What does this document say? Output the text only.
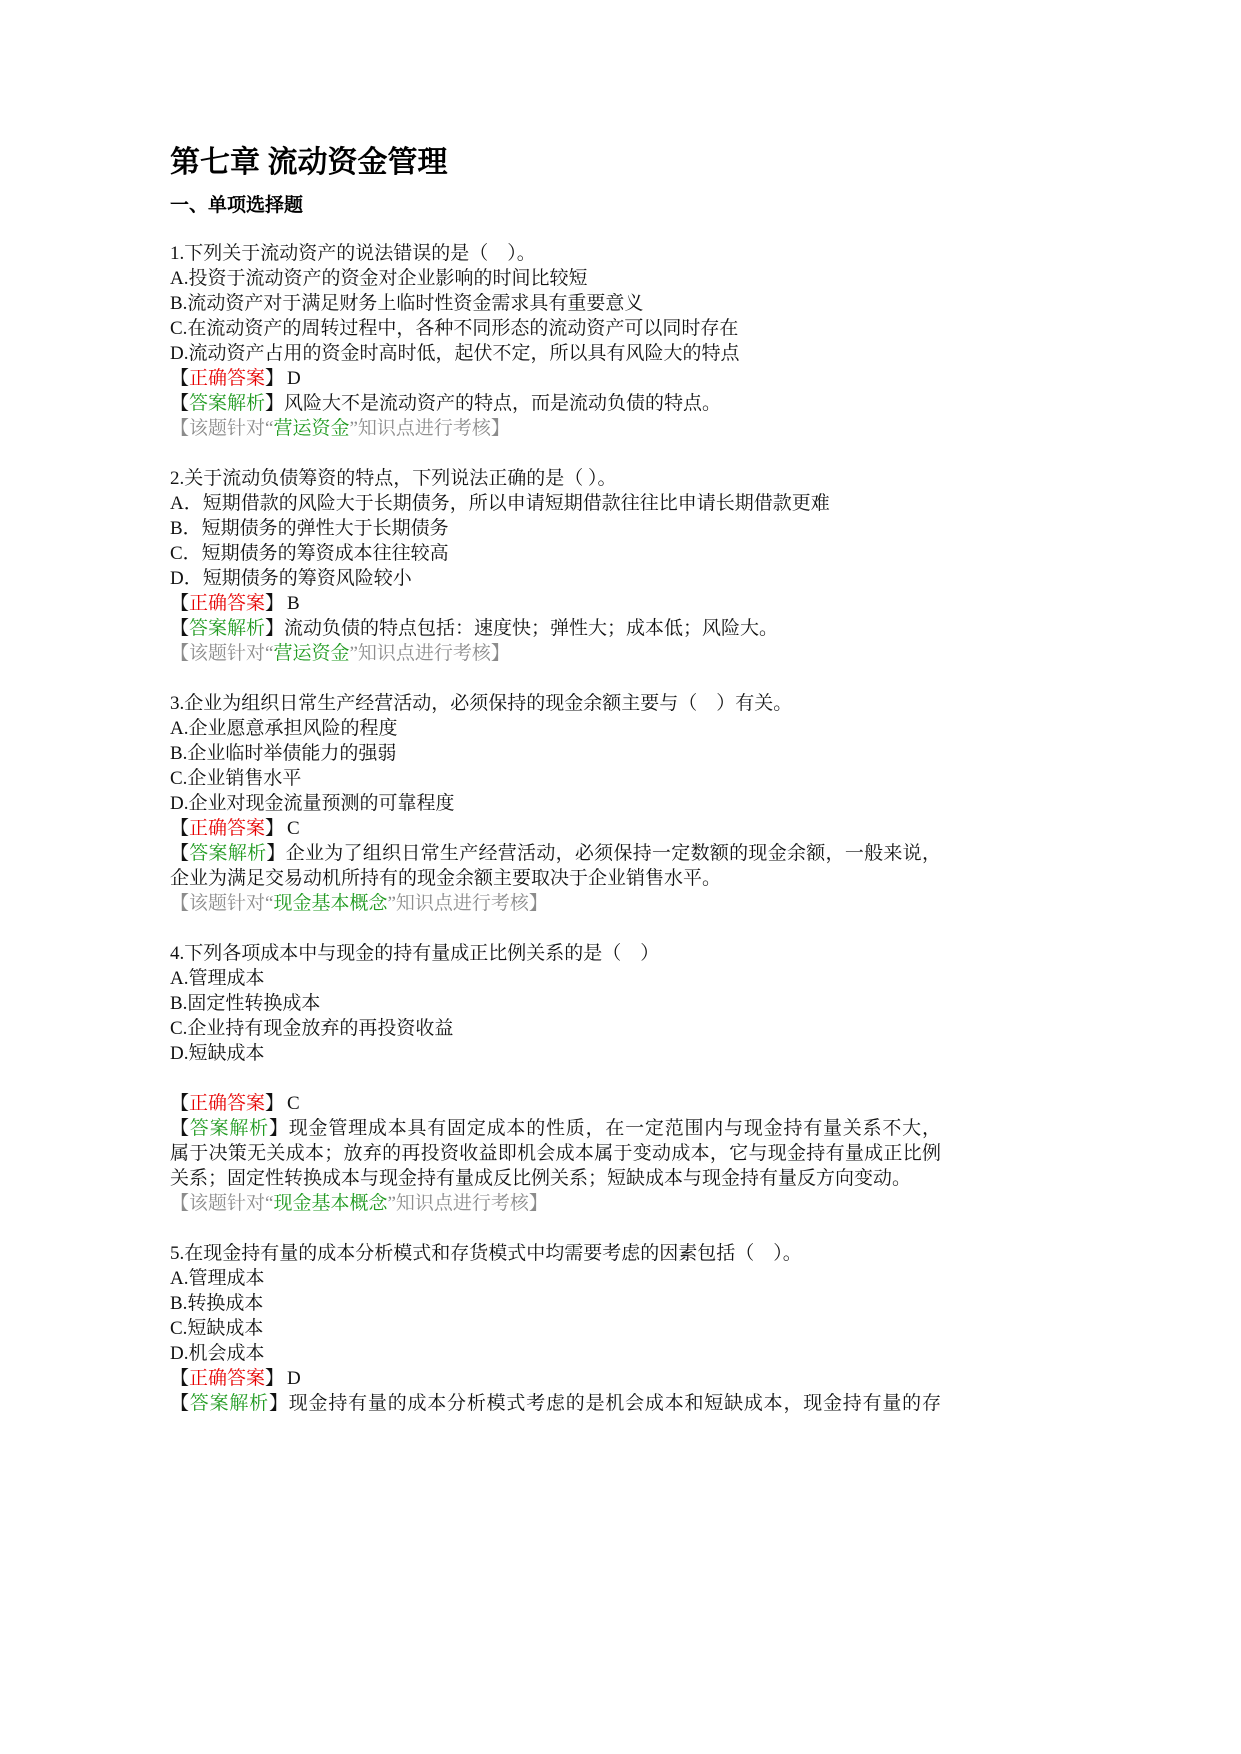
第七章 流动资金管理
一、单项选择题
1.下列关于流动资产的说法错误的是（    ）。
A.投资于流动资产的资金对企业影响的时间比较短
B.流动资产对于满足财务上临时性资金需求具有重要意义
C.在流动资产的周转过程中，各种不同形态的流动资产可以同时存在
D.流动资产占用的资金时高时低，起伏不定，所以具有风险大的特点
【正确答案】 D
【答案解析】风险大不是流动资产的特点，而是流动负债的特点。
【该题针对“营运资金”知识点进行考核】
2.关于流动负债筹资的特点，下列说法正确的是（ ）。
A．短期借款的风险大于长期债务，所以申请短期借款往往比申请长期借款更难
B．短期债务的弹性大于长期债务
C．短期债务的筹资成本往往较高
D．短期债务的筹资风险较小
【正确答案】 B
【答案解析】流动负债的特点包括：速度快；弹性大；成本低；风险大。
【该题针对“营运资金”知识点进行考核】
3.企业为组织日常生产经营活动，必须保持的现金余额主要与（    ）有关。
A.企业愿意承担风险的程度
B.企业临时举债能力的强弱
C.企业销售水平
D.企业对现金流量预测的可靠程度
【正确答案】 C
【答案解析】企业为了组织日常生产经营活动，必须保持一定数额的现金余额，一般来说，
企业为满足交易动机所持有的现金余额主要取决于企业销售水平。
【该题针对“现金基本概念”知识点进行考核】
4.下列各项成本中与现金的持有量成正比例关系的是（    ）
A.管理成本
B.固定性转换成本
C.企业持有现金放弃的再投资收益
D.短缺成本
【正确答案】 C
【答案解析】现金管理成本具有固定成本的性质，在一定范围内与现金持有量关系不大，
属于决策无关成本；放弃的再投资收益即机会成本属于变动成本，它与现金持有量成正比例
关系；固定性转换成本与现金持有量成反比例关系；短缺成本与现金持有量反方向变动。
【该题针对“现金基本概念”知识点进行考核】
5.在现金持有量的成本分析模式和存货模式中均需要考虑的因素包括（    ）。
A.管理成本
B.转换成本
C.短缺成本
D.机会成本
【正确答案】 D
【答案解析】现金持有量的成本分析模式考虑的是机会成本和短缺成本，现金持有量的存
